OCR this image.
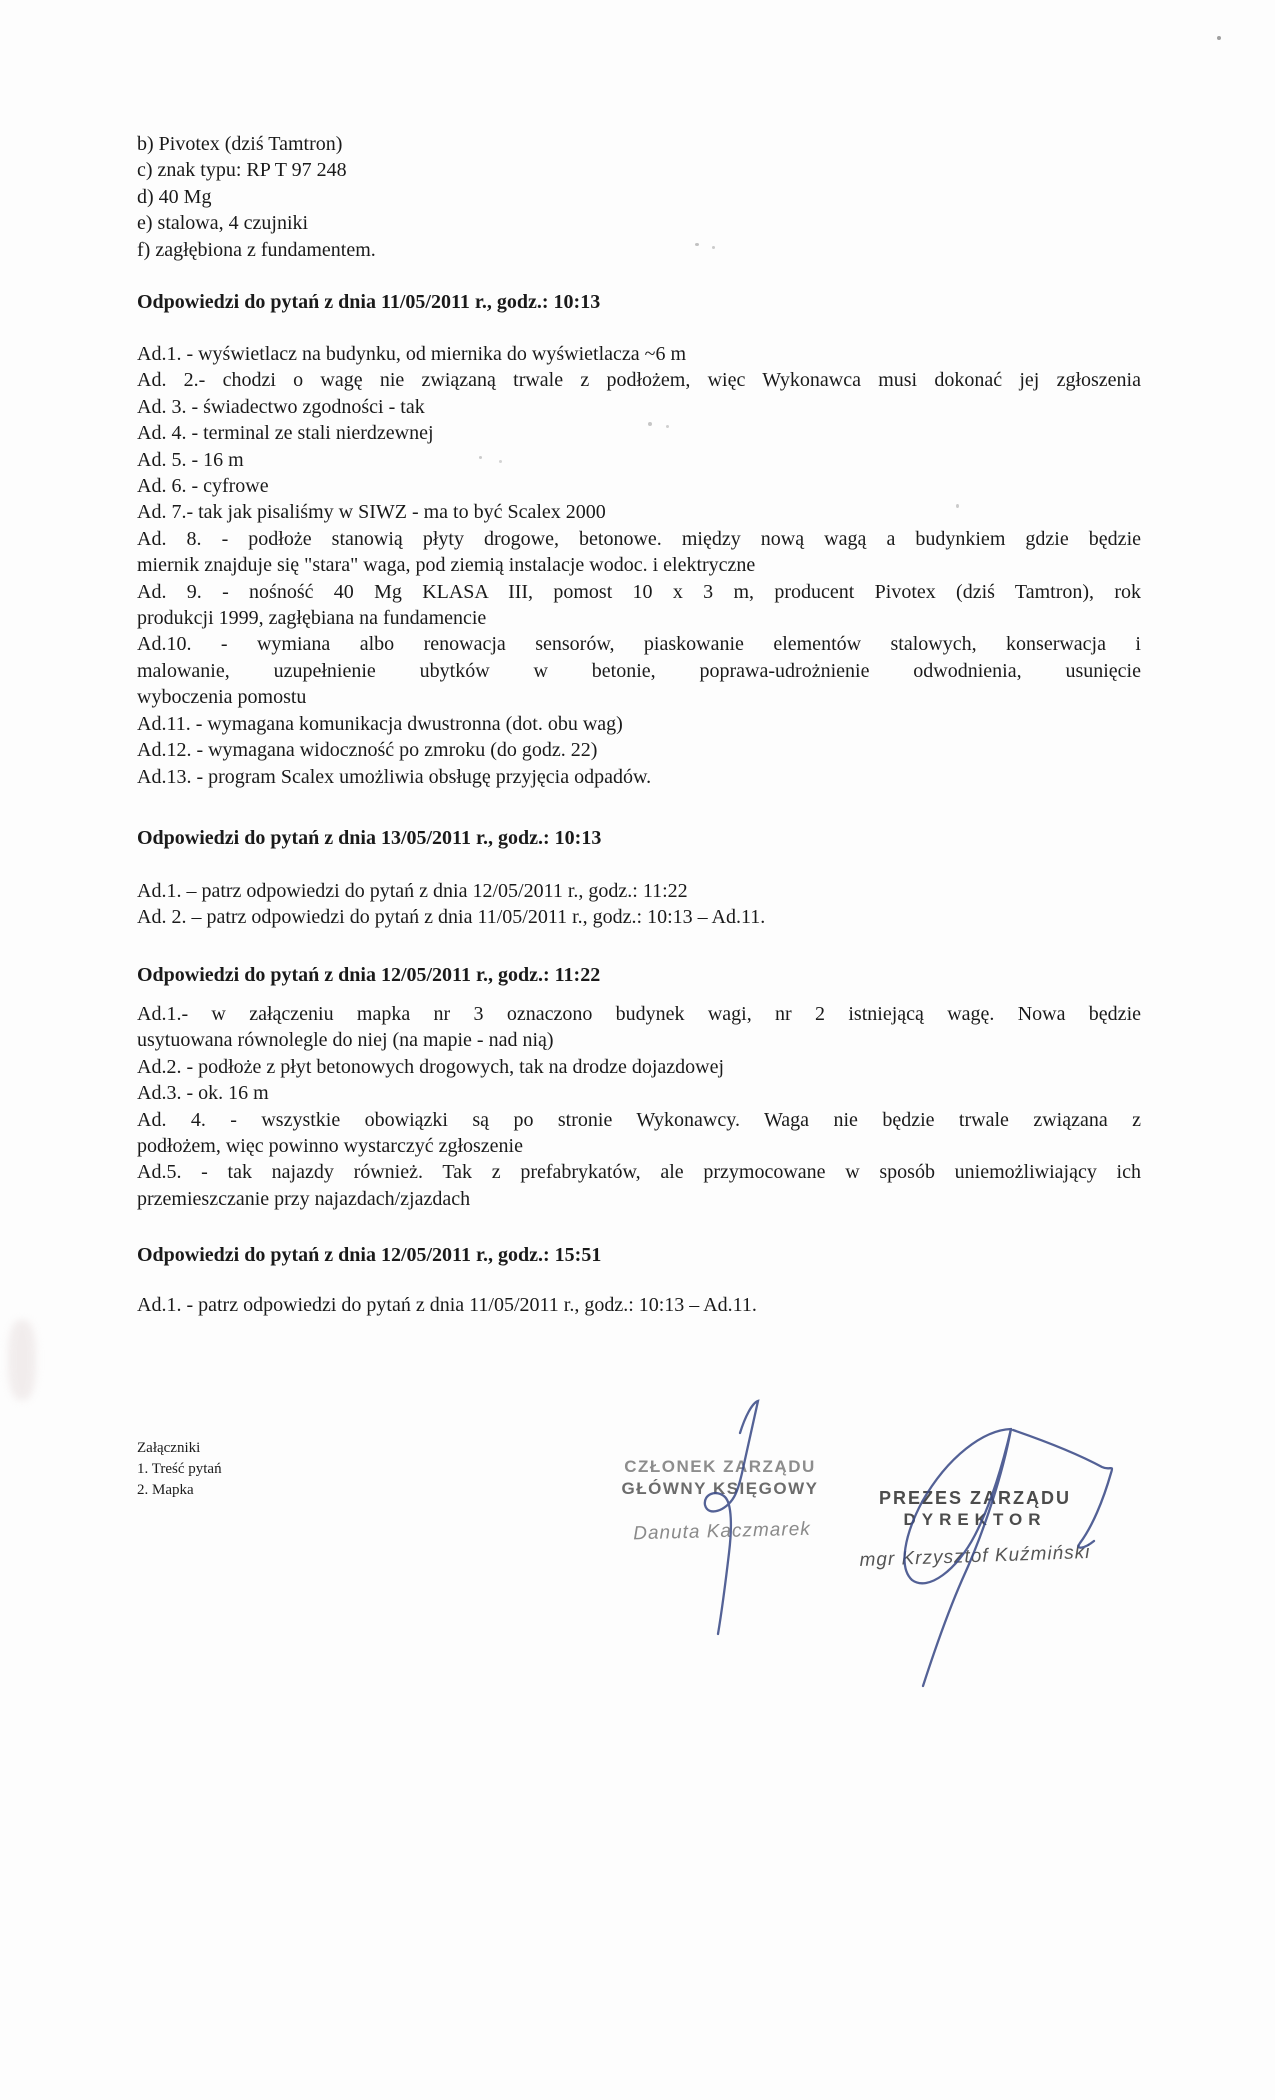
b) Pivotex (dziś Tamtron)
c) znak typu: RP T 97 248
d) 40 Mg
e) stalowa, 4 czujniki
f) zagłębiona z fundamentem.
Odpowiedzi do pytań z dnia 11/05/2011 r., godz.: 10:13
Ad.1. - wyświetlacz na budynku, od miernika do wyświetlacza ~6 m
Ad. 2.- chodzi o wagę nie związaną trwale z podłożem, więc Wykonawca musi dokonać jej zgłoszenia
Ad. 3. - świadectwo zgodności - tak
Ad. 4. - terminal ze stali nierdzewnej
Ad. 5. - 16 m
Ad. 6. - cyfrowe
Ad. 7.- tak jak pisaliśmy w SIWZ - ma to być Scalex 2000
Ad. 8. - podłoże stanowią płyty drogowe, betonowe. między nową wagą a budynkiem gdzie będzie
miernik znajduje się "stara" waga, pod ziemią instalacje wodoc. i elektryczne
Ad. 9. - nośność 40 Mg KLASA III, pomost 10 x 3 m, producent Pivotex (dziś Tamtron), rok
produkcji 1999, zagłębiana na fundamencie
Ad.10. - wymiana albo renowacja sensorów, piaskowanie elementów stalowych, konserwacja i
malowanie, uzupełnienie ubytków w betonie, poprawa-udrożnienie odwodnienia, usunięcie
wyboczenia pomostu
Ad.11. - wymagana komunikacja dwustronna (dot. obu wag)
Ad.12. - wymagana widoczność po zmroku (do godz. 22)
Ad.13. - program Scalex umożliwia obsługę przyjęcia odpadów.
Odpowiedzi do pytań z dnia 13/05/2011 r., godz.: 10:13
Ad.1. – patrz odpowiedzi do pytań z dnia 12/05/2011 r., godz.: 11:22
Ad. 2. – patrz odpowiedzi do pytań z dnia 11/05/2011 r., godz.: 10:13 – Ad.11.
Odpowiedzi do pytań z dnia 12/05/2011 r., godz.: 11:22
Ad.1.- w załączeniu mapka nr 3 oznaczono budynek wagi, nr 2 istniejącą wagę. Nowa będzie
usytuowana równolegle do niej (na mapie - nad nią)
Ad.2. - podłoże z płyt betonowych drogowych, tak na drodze dojazdowej
Ad.3. - ok. 16 m
Ad. 4. - wszystkie obowiązki są po stronie Wykonawcy. Waga nie będzie trwale związana z
podłożem, więc powinno wystarczyć zgłoszenie
Ad.5. - tak najazdy również. Tak z prefabrykatów, ale przymocowane w sposób uniemożliwiający ich
przemieszczanie przy najazdach/zjazdach
Odpowiedzi do pytań z dnia 12/05/2011 r., godz.: 15:51
Ad.1. - patrz odpowiedzi do pytań z dnia 11/05/2011 r., godz.: 10:13 – Ad.11.
Załączniki
1. Treść pytań
2. Mapka
CZŁONEK ZARZĄDU
GŁÓWNY KSIĘGOWY
Danuta Kaczmarek
PREZES ZARZĄDU
DYREKTOR
mgr Krzysztof Kuźmiński
